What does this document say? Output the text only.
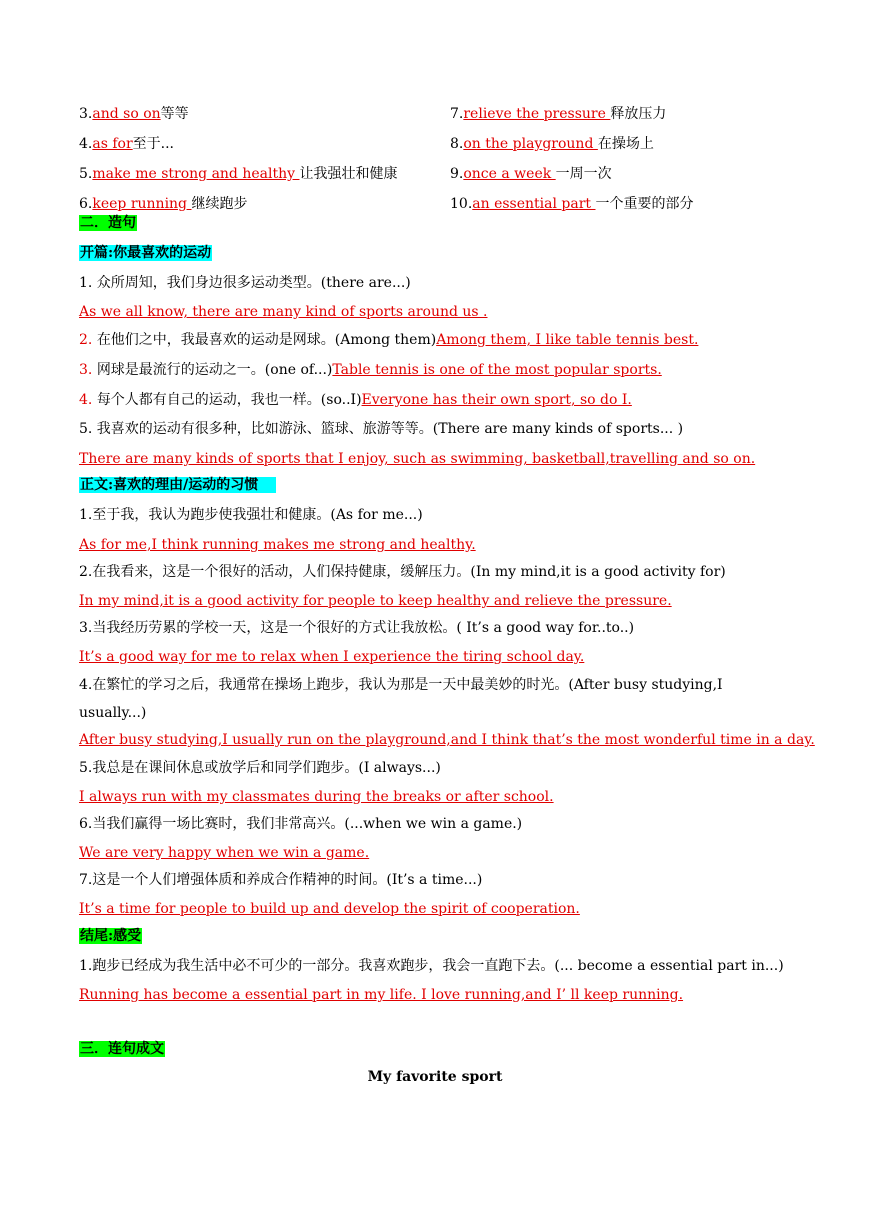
3.and so on等等
4.as for至于...
5.make me strong and healthy 让我强壮和健康
6.keep running 继续跑步
7.relieve the pressure 释放压力
8.on the playground 在操场上
9.once a week 一周一次
10.an essential part 一个重要的部分
二．造句
开篇:你最喜欢的运动
1. 众所周知，我们身边很多运动类型。(there are...)
As we all know, there are many kind of sports around us .
2. 在他们之中，我最喜欢的运动是网球。(Among them)Among them, I like table tennis best.
3. 网球是最流行的运动之一。(one of...)Table tennis is one of the most popular sports.
4. 每个人都有自己的运动，我也一样。(so..I)Everyone has their own sport, so do I.
5. 我喜欢的运动有很多种，比如游泳、篮球、旅游等等。(There are many kinds of sports... )
There are many kinds of sports that I enjoy, such as swimming, basketball,travelling and so on.
正文:喜欢的理由/运动的习惯
1.至于我，我认为跑步使我强壮和健康。(As for me...)
As for me,I think running makes me strong and healthy.
2.在我看来，这是一个很好的活动，人们保持健康，缓解压力。(In my mind,it is a good activity for)
In my mind,it is a good activity for people to keep healthy and relieve the pressure.
3.当我经历劳累的学校一天，这是一个很好的方式让我放松。( It’s a good way for..to..)
It’s a good way for me to relax when I experience the tiring school day.
4.在繁忙的学习之后，我通常在操场上跑步，我认为那是一天中最美妙的时光。(After busy studying,I
usually...)
After busy studying,I usually run on the playground,and I think that’s the most wonderful time in a day.
5.我总是在课间休息或放学后和同学们跑步。(I always...)
I always run with my classmates during the breaks or after school.
6.当我们赢得一场比赛时，我们非常高兴。(...when we win a game.)
We are very happy when we win a game.
7.这是一个人们增强体质和养成合作精神的时间。(It’s a time...)
It’s a time for people to build up and develop the spirit of cooperation.
结尾:感受
1.跑步已经成为我生活中必不可少的一部分。我喜欢跑步，我会一直跑下去。(... become a essential part in...)
Running has become a essential part in my life. I love running,and I’ ll keep running.
三．连句成文
My favorite sport
